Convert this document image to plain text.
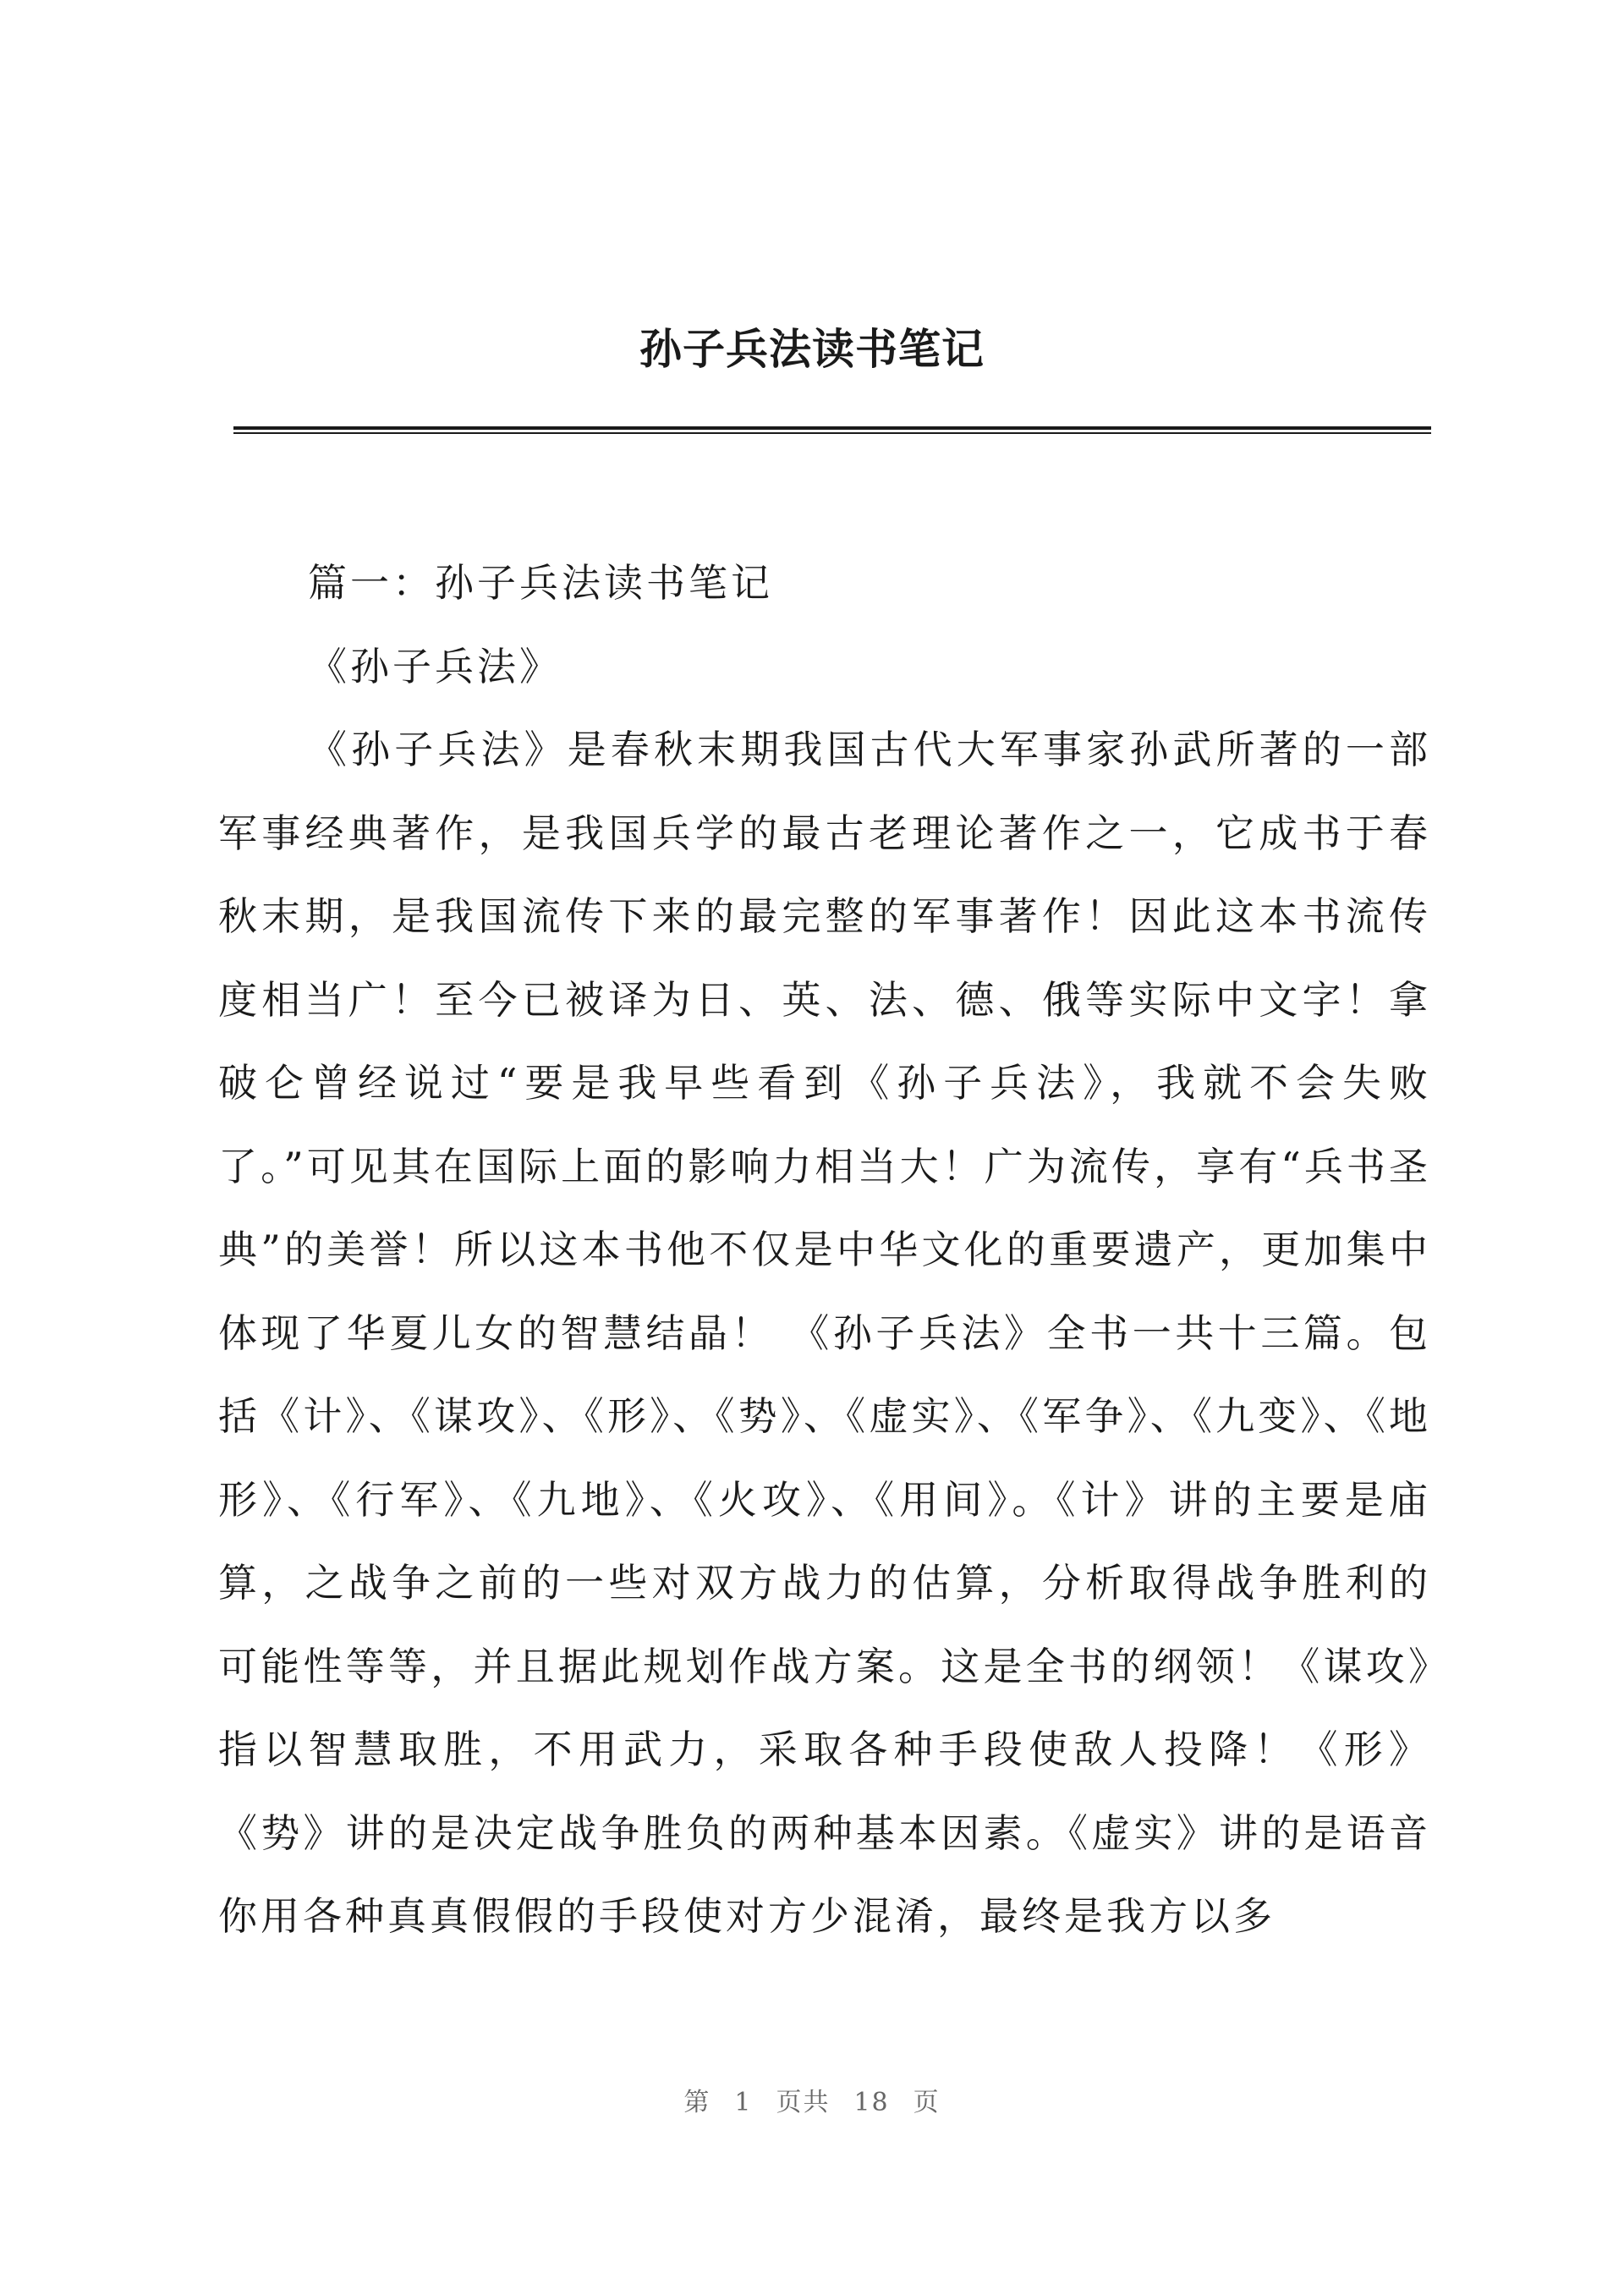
孙子兵法读书笔记

篇一：孙子兵法读书笔记

《孙子兵法》

《孙子兵法》是春秋末期我国古代大军事家孙武所著的一部军事经典著作，是我国兵学的最古老理论著作之一，它成书于春秋末期，是我国流传下来的最完整的军事著作！因此这本书流传度相当广！至今已被译为日、英、法、德、俄等实际中文字！拿破仑曾经说过“要是我早些看到《孙子兵法》，我就不会失败了。”可见其在国际上面的影响力相当大！广为流传，享有“兵书圣典”的美誉！所以这本书他不仅是中华文化的重要遗产，更加集中体现了华夏儿女的智慧结晶！ 《孙子兵法》全书一共十三篇。包括《计》、《谋攻》、《形》、《势》、《虚实》、《军争》、《九变》、《地形》、《行军》、《九地》、《火攻》、《用间》。《计》讲的主要是庙算，之战争之前的一些对双方战力的估算，分析取得战争胜利的可能性等等，并且据此规划作战方案。这是全书的纲领！《谋攻》指以智慧取胜，不用武力，采取各种手段使敌人投降！《形》《势》讲的是决定战争胜负的两种基本因素。《虚实》讲的是语音你用各种真真假假的手段使对方少混淆，最终是我方以多

第 1 页共 18 页
